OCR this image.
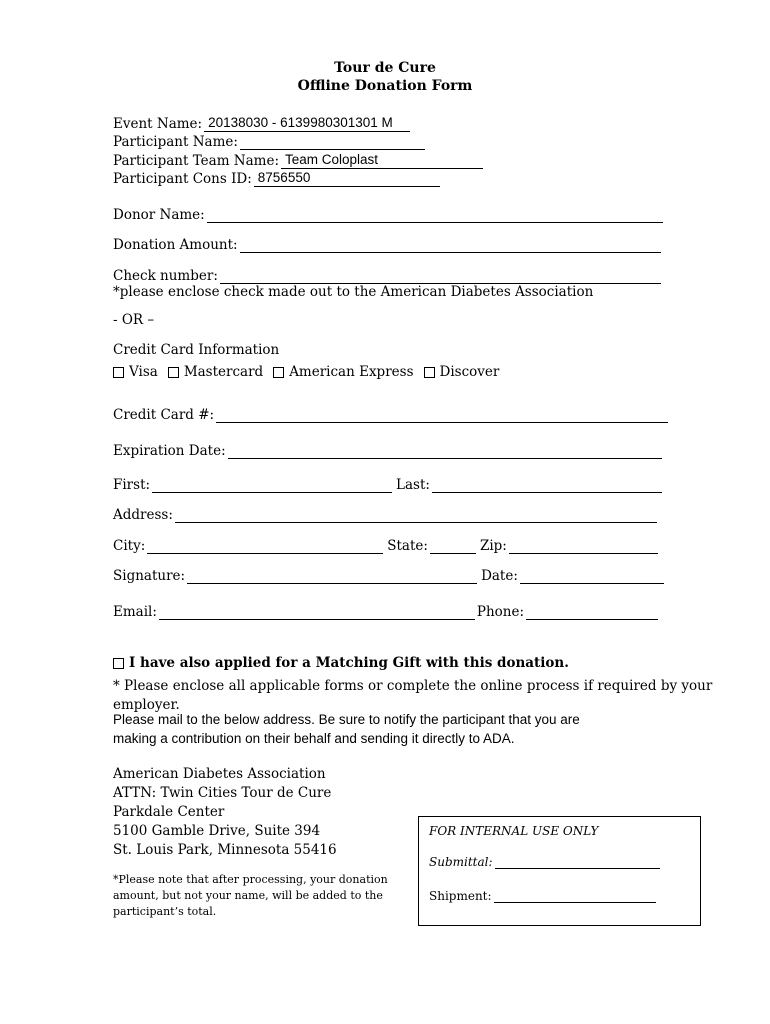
Tour de Cure
Offline Donation Form
Event Name: 20138030 - 6139980301301 M
Participant Name:
Participant Team Name: Team Coloplast
Participant Cons ID: 8756550
Donor Name:
Donation Amount:
Check number:
*please enclose check made out to the American Diabetes Association
- OR –
Credit Card Information
Visa Mastercard American Express Discover
Credit Card #:
Expiration Date:
First:	Last:
Address:
City:	State:	Zip:
Signature:	Date:
Email:	Phone:
I have also applied for a Matching Gift with this donation.
* Please enclose all applicable forms or complete the online process if required by your employer.
Please mail to the below address. Be sure to notify the participant that you are
making a contribution on their behalf and sending it directly to ADA.
American Diabetes Association
ATTN: Twin Cities Tour de Cure
Parkdale Center
5100 Gamble Drive, Suite 394
St. Louis Park, Minnesota 55416
*Please note that after processing, your donation
amount, but not your name, will be added to the
participant’s total.
FOR INTERNAL USE ONLY
Submittal:
Shipment:
